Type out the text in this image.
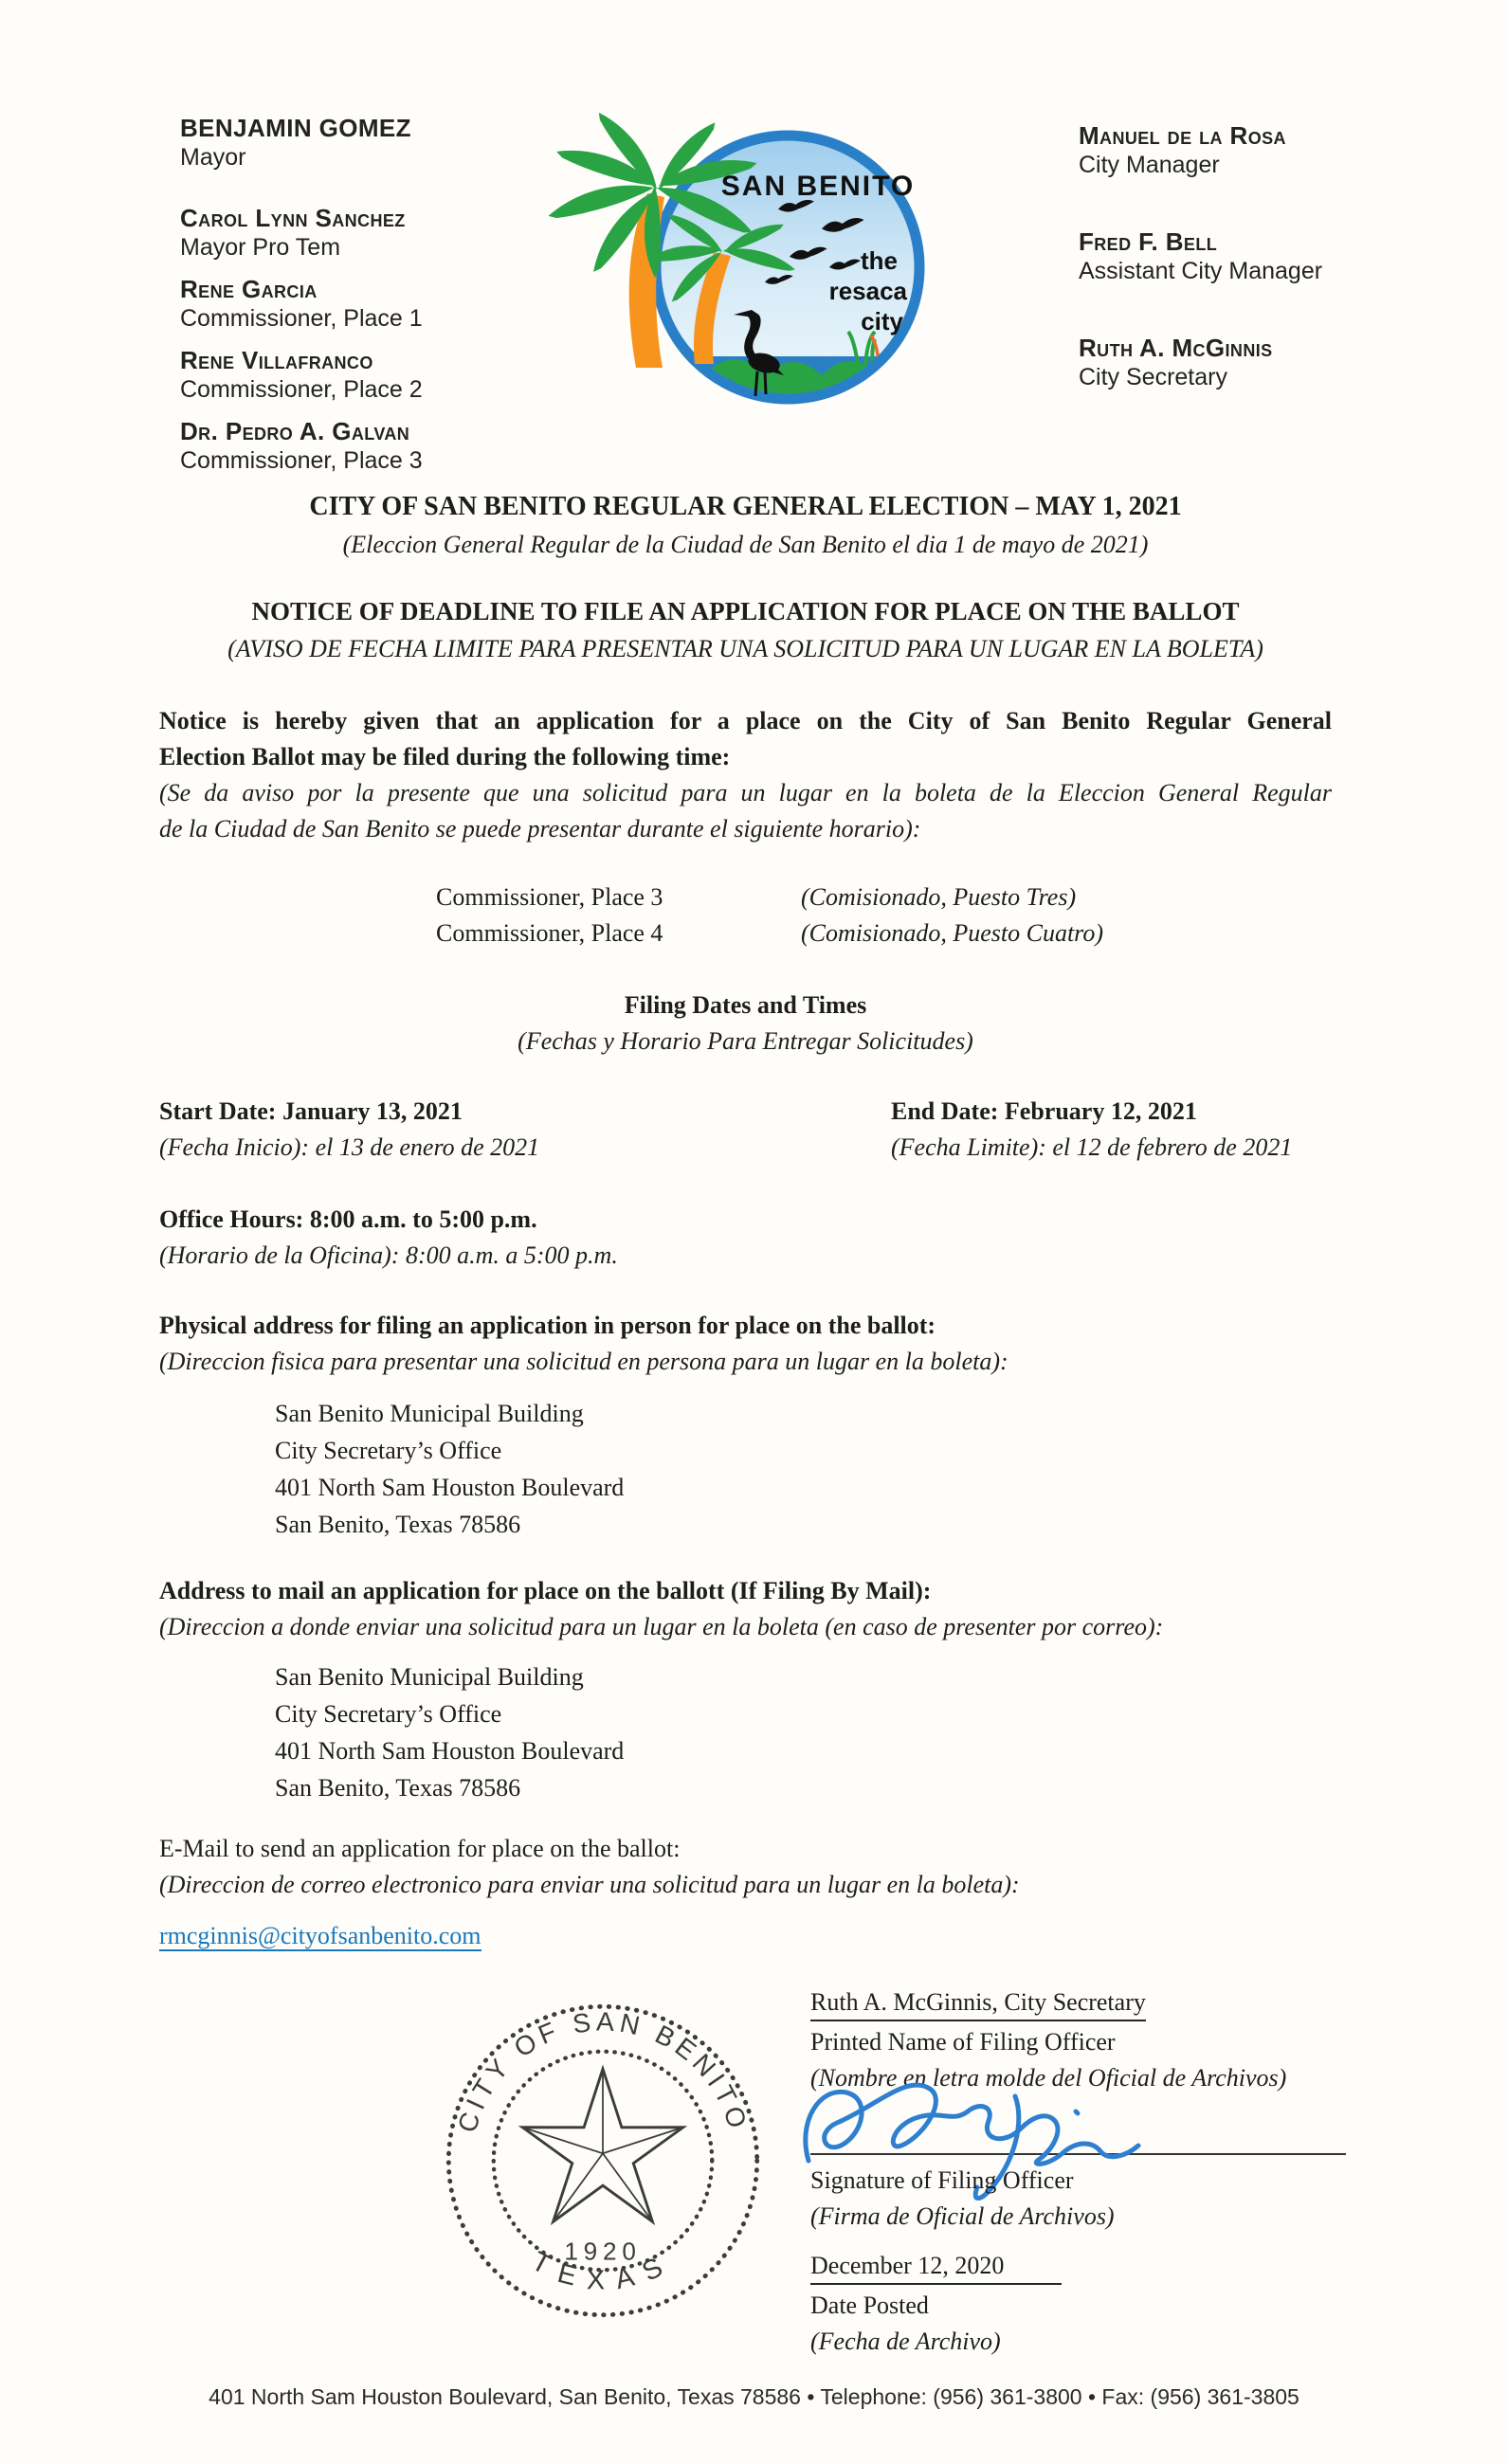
BENJAMIN GOMEZ
Mayor
Carol Lynn Sanchez
Mayor Pro Tem
Rene Garcia
Commissioner, Place 1
Rene Villafranco
Commissioner, Place 2
Dr. Pedro A. Galvan
Commissioner, Place 3
Manuel de la Rosa
City Manager
Fred F. Bell
Assistant City Manager
Ruth A. McGinnis
City Secretary
SAN BENITO
the
resaca
city
CITY OF SAN BENITO REGULAR GENERAL ELECTION – MAY 1, 2021
(Eleccion General Regular de la Ciudad de San Benito el dia 1 de mayo de 2021)
NOTICE OF DEADLINE TO FILE AN APPLICATION FOR PLACE ON THE BALLOT
(AVISO DE FECHA LIMITE PARA PRESENTAR UNA SOLICITUD PARA UN LUGAR EN LA BOLETA)
Notice is hereby given that an application for a place on the City of San Benito Regular General
Election Ballot may be filed during the following time:
(Se da aviso por la presente que una solicitud para un lugar en la boleta de la Eleccion General Regular
de la Ciudad de San Benito se puede presentar durante el siguiente horario):
Commissioner, Place 3	(Comisionado, Puesto Tres)
Commissioner, Place 4	(Comisionado, Puesto Cuatro)
Filing Dates and Times
(Fechas y Horario Para Entregar Solicitudes)
Start Date: January 13, 2021	End Date: February 12, 2021
(Fecha Inicio): el 13 de enero de 2021	(Fecha Limite): el 12 de febrero de 2021
Office Hours: 8:00 a.m. to 5:00 p.m.
(Horario de la Oficina): 8:00 a.m. a 5:00 p.m.
Physical address for filing an application in person for place on the ballot:
(Direccion fisica para presentar una solicitud en persona para un lugar en la boleta):
San Benito Municipal Building
City Secretary’s Office
401 North Sam Houston Boulevard
San Benito, Texas 78586
Address to mail an application for place on the ballott (If Filing By Mail):
(Direccion a donde enviar una solicitud para un lugar en la boleta (en caso de presenter por correo):
San Benito Municipal Building
City Secretary’s Office
401 North Sam Houston Boulevard
San Benito, Texas 78586
E-Mail to send an application for place on the ballot:
(Direccion de correo electronico para enviar una solicitud para un lugar en la boleta):
rmcginnis@cityofsanbenito.com
CITY OF SAN BENITO
TEXAS
1920
Ruth A. McGinnis, City Secretary
Printed Name of Filing Officer
(Nombre en letra molde del Oficial de Archivos)
Signature of Filing Officer
(Firma de Oficial de Archivos)
December 12, 2020
Date Posted
(Fecha de Archivo)
401 North Sam Houston Boulevard, San Benito, Texas 78586 • Telephone: (956) 361-3800 • Fax: (956) 361-3805
